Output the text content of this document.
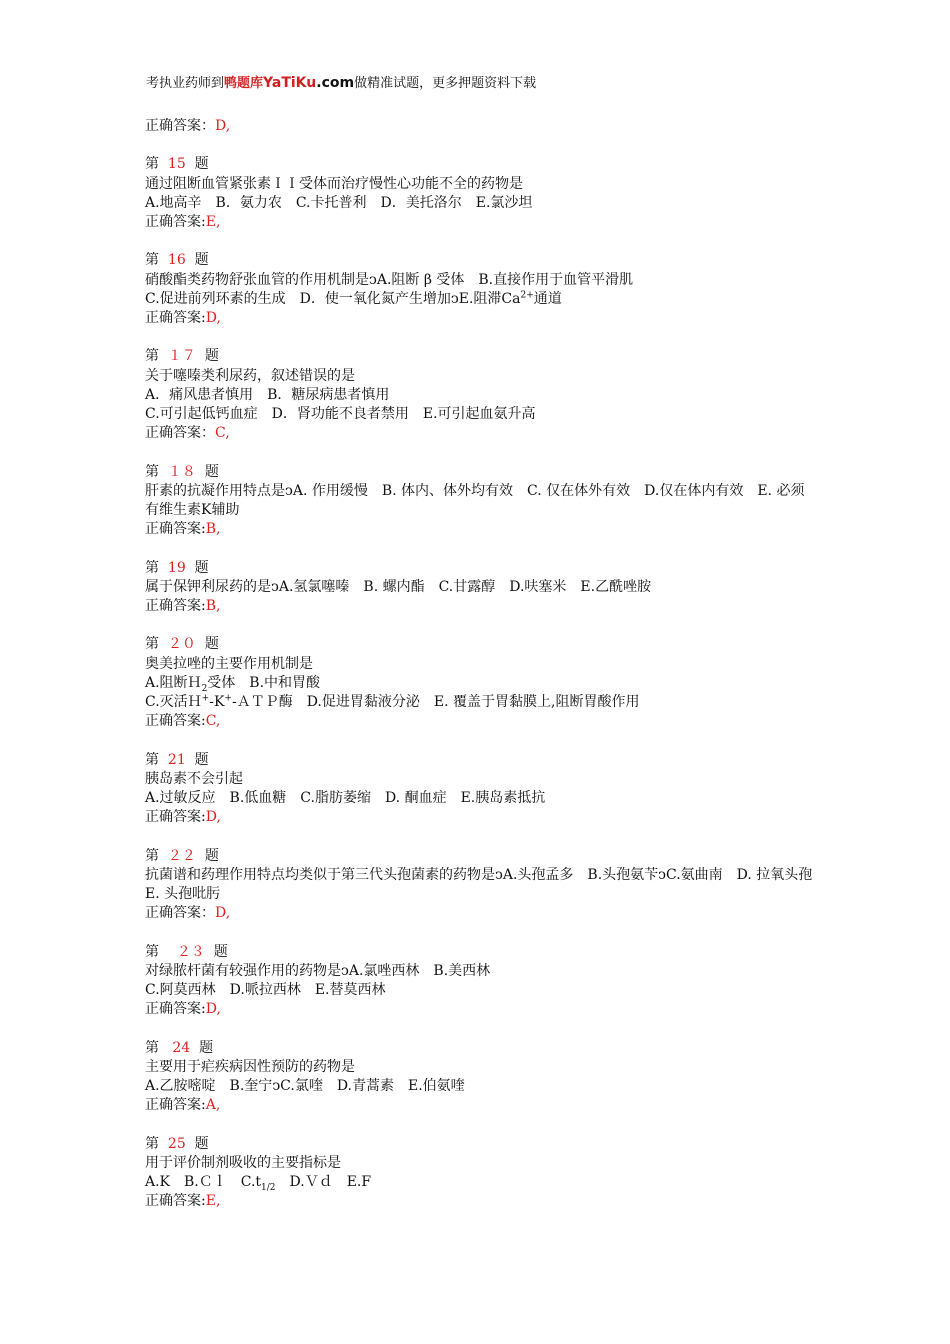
考执业药师到鸭题库YaTiKu.com做精准试题，更多押题资料下载
正确答案：D,
第 15 题
通过阻断血管紧张素ＩＩ受体而治疗慢性心功能不全的药物是
A.地高辛　B．氨力农　C.卡托普利　D．美托洛尔　E.氯沙坦
正确答案:E,
第 16 题
硝酸酯类药物舒张血管的作用机制是ↄA.阻断 β 受体　B.直接作用于血管平滑肌
C.促进前列环素的生成　D．使一氧化氮产生增加ↄE.阻滞$Ca^{2+}$通道
正确答案:D,
第 １７ 题
关于噻嗪类利尿药，叙述错误的是
A．痛风患者慎用　B．糖尿病患者慎用
C.可引起低钙血症　D．肾功能不良者禁用　E.可引起血氨升高
正确答案：C,
第 １８ 题
肝素的抗凝作用特点是ↄA. 作用缓慢　B. 体内、体外均有效　C. 仅在体外有效　D.仅在体内有效　E. 必须有维生素K辅助
正确答案:B,
第 19 题
属于保钾利尿药的是ↄA.氢氯噻嗪　B. 螺内酯　C.甘露醇　D.呋塞米　E.乙酰唑胺
正确答案:B,
第 ２０ 题
奥美拉唑的主要作用机制是
A.阻断Ｈ$_2$受体　B.中和胃酸
C.灭活Ｈ+-K+-ＡＴＰ酶　D.促进胃黏液分泌　E. 覆盖于胃黏膜上,阻断胃酸作用
正确答案:C,
第 21 题
胰岛素不会引起
A.过敏反应　B.低血糖　C.脂肪萎缩　D. 酮血症　E.胰岛素抵抗
正确答案:D,
第 ２２ 题
抗菌谱和药理作用特点均类似于第三代头孢菌素的药物是ↄA.头孢孟多　B.头孢氨苄ↄC.氨曲南　D. 拉氧头孢　E. 头孢吡肟
正确答案：D,
第 ２３ 题
对绿脓杆菌有较强作用的药物是ↄA.氯唑西林　B.美西林
C.阿莫西林　D.哌拉西林　E.替莫西林
正确答案:D,
第 24 题
主要用于疟疾病因性预防的药物是
A.乙胺嘧啶　B.奎宁ↄC.氯喹　D.青蒿素　E.伯氨喹
正确答案:A,
第 25 题
用于评价制剂吸收的主要指标是
A.K　B.Ｃｌ　$C.t_{1/2}$　D.Ｖｄ　E.F
正确答案:E,
